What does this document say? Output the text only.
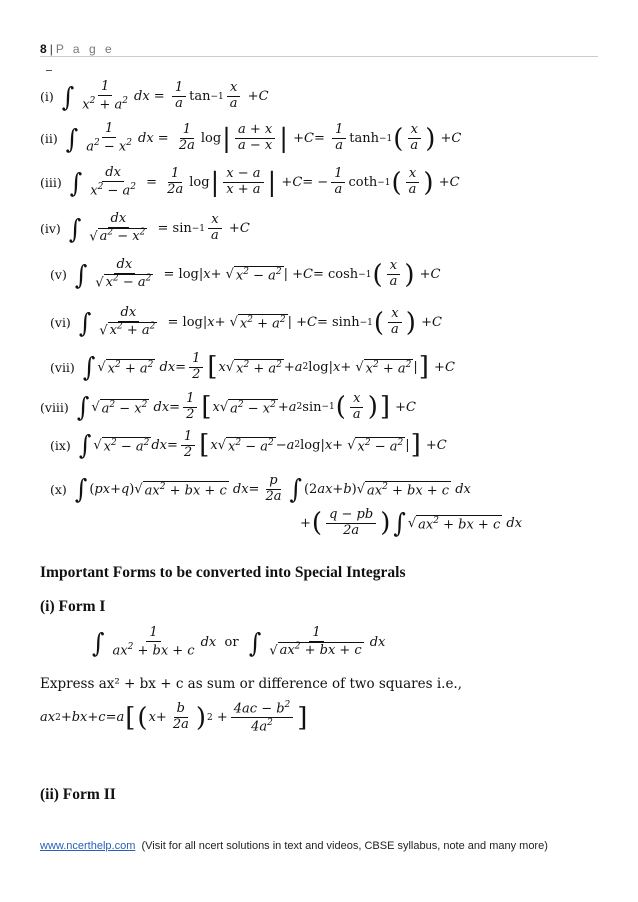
8 | P a g e
(i) ∫ $\frac{1}{x^2 + a^2}$ dx = $\frac{1}{a}$ $\tan -1 \frac{x}{a} + C$
(ii) ∫ $\frac{1}{a^2 - x^2}$ dx = $\frac{1}{2a}$ log | $\frac{a + x}{a - x}$ | + $C = \frac{1}{a}$ tanh −1 ( $\frac{x}{a}$ ) + C
(iii) ∫ $\frac{dx}{x^2 - a^2} = \frac{1}{2a}$ log | $\frac{x - a}{x + a}$ | + C = − $\frac{1}{a}$ coth −1 ( $\frac{x}{a}$ ) + C
(iv) ∫ $\frac{dx}{√ a^2 - x^2} = \sin -1 \frac{x}{a} + C$
(v) ∫ $\frac{dx}{√ x^2 - a^2} = \log|$ x + √ $x^2 - a^2$ | + C = cosh −1 ( $\frac{x}{a}$ ) + C
(vi) ∫ $\frac{dx}{√ x^2 + a^2} = \log|$ x + √ $x^2 + a^2$ | + C = sinh −1 ( $\frac{x}{a}$ ) + C
(vii) ∫ √ $x^2 + a^2$
dx = $\frac{1}{2}$ [ x √ $x^2 + a^2 + a$ 2 log| x + √ $x^2 + a^2$ | ] + C
(viii) ∫ √ $a^2 - x^2$
dx = $\frac{1}{2}$ [ x √ $a^2 - x^2 + a$ 2 sin −1 ( $\frac{x}{a}$ ) ] + C
(ix) ∫ √ $x^2 - a^2$ dx = $\frac{1}{2}$ [ x √ $x^2 - a^2 - a$ 2 log| x + √ $x^2 - a^2$ | ] + C
(x) ∫ ( px + q )√ $ax^2$ + bx + c
dx = $\frac{p}{2a}$ ∫ (2 ax + b )√ $ax^2$ + bx + c
dx
+ ( $\frac{q - pb}{2a}$ ) ∫ √ $ax^2$ + bx + c
dx
Important Forms to be converted into Special Integrals
(i) Form I
∫ $\frac{1}{ax^2 + bx + c}$ dx or ∫ $\frac{1}{√ ax^2 + bx + c}$ dx
Express ax² + bx + c as sum or difference of two squares i.e.,
ax 2 + bx + c = a [ ( $x + \frac{b}{2a}$ ) $2 + \frac{4ac - b^2}{4a^2}$ ]
(ii) Form II
www.ncerthelp.com (Visit for all ncert solutions in text and videos, CBSE syllabus, note and many more)
